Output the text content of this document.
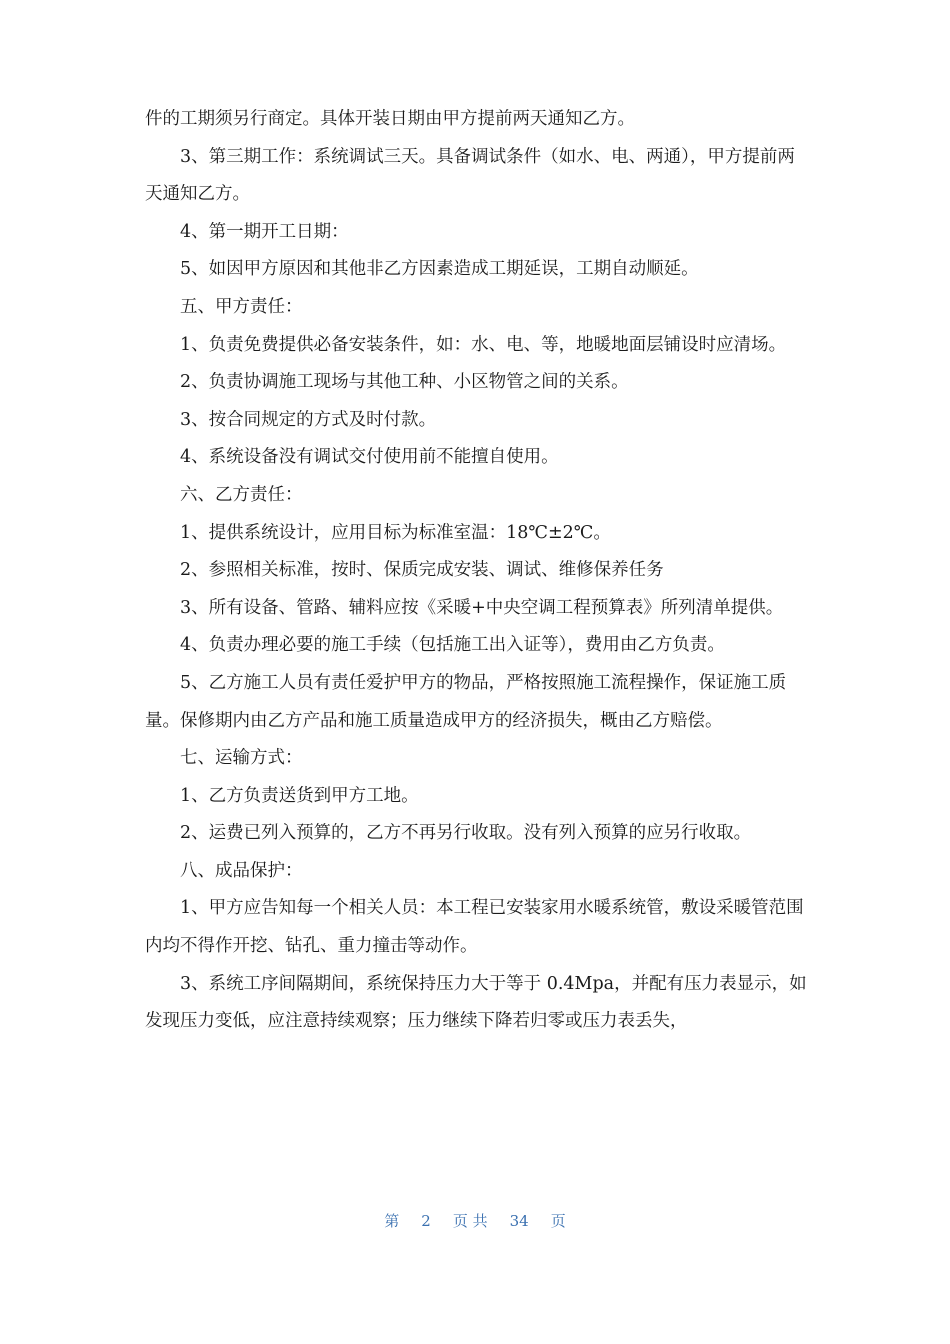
件的工期须另行商定。具体开装日期由甲方提前两天通知乙方。

3、第三期工作：系统调试三天。具备调试条件（如水、电、两通），甲方提前两天通知乙方。

4、第一期开工日期：

5、如因甲方原因和其他非乙方因素造成工期延误，工期自动顺延。

五、甲方责任：

1、负责免费提供必备安装条件，如：水、电、等，地暖地面层铺设时应清场。

2、负责协调施工现场与其他工种、小区物管之间的关系。

3、按合同规定的方式及时付款。

4、系统设备没有调试交付使用前不能擅自使用。

六、乙方责任：

1、提供系统设计，应用目标为标准室温：18℃±2℃。

2、参照相关标准，按时、保质完成安装、调试、维修保养任务

3、所有设备、管路、辅料应按《采暖+中央空调工程预算表》所列清单提供。

4、负责办理必要的施工手续（包括施工出入证等），费用由乙方负责。

5、乙方施工人员有责任爱护甲方的物品，严格按照施工流程操作，保证施工质量。保修期内由乙方产品和施工质量造成甲方的经济损失，概由乙方赔偿。

七、运输方式：

1、乙方负责送货到甲方工地。

2、运费已列入预算的，乙方不再另行收取。没有列入预算的应另行收取。

八、成品保护：

1、甲方应告知每一个相关人员：本工程已安装家用水暖系统管，敷设采暖管范围内均不得作开挖、钻孔、重力撞击等动作。

3、系统工序间隔期间，系统保持压力大于等于 0.4Mpa，并配有压力表显示，如发现压力变低，应注意持续观察；压力继续下降若归零或压力表丢失，

第 2 页 共 34 页
